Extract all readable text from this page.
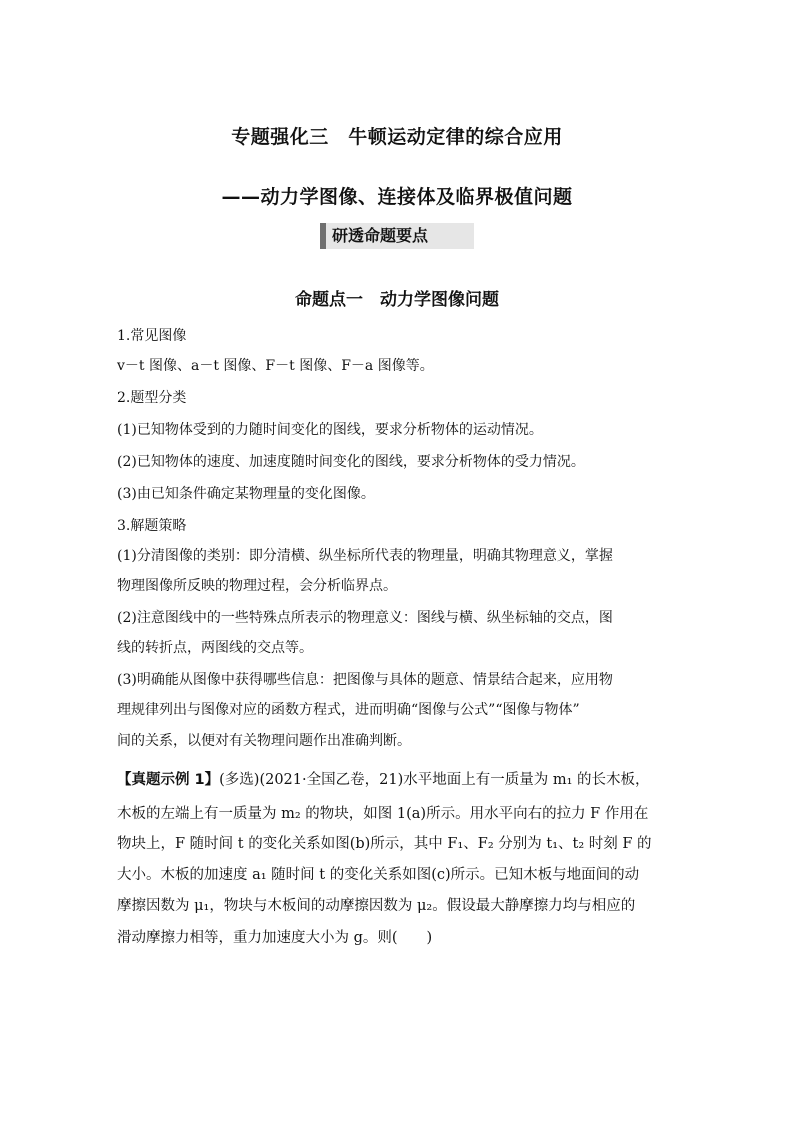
专题强化三　牛顿运动定律的综合应用
——动力学图像、连接体及临界极值问题
研透命题要点
命题点一　动力学图像问题
1.常见图像
v－t 图像、a－t 图像、F－t 图像、F－a 图像等。
2.题型分类
(1)已知物体受到的力随时间变化的图线，要求分析物体的运动情况。
(2)已知物体的速度、加速度随时间变化的图线，要求分析物体的受力情况。
(3)由已知条件确定某物理量的变化图像。
3.解题策略
(1)分清图像的类别：即分清横、纵坐标所代表的物理量，明确其物理意义，掌握
物理图像所反映的物理过程，会分析临界点。
(2)注意图线中的一些特殊点所表示的物理意义：图线与横、纵坐标轴的交点，图
线的转折点，两图线的交点等。
(3)明确能从图像中获得哪些信息：把图像与具体的题意、情景结合起来，应用物
理规律列出与图像对应的函数方程式，进而明确“图像与公式”“图像与物体”
间的关系，以便对有关物理问题作出准确判断。
【真题示例 1】(多选)(2021·全国乙卷，21)水平地面上有一质量为 m₁ 的长木板，
木板的左端上有一质量为 m₂ 的物块，如图 1(a)所示。用水平向右的拉力 F 作用在
物块上，F 随时间 t 的变化关系如图(b)所示，其中 F₁、F₂ 分别为 t₁、t₂ 时刻 F 的
大小。木板的加速度 a₁ 随时间 t 的变化关系如图(c)所示。已知木板与地面间的动
摩擦因数为 μ₁，物块与木板间的动摩擦因数为 μ₂。假设最大静摩擦力均与相应的
滑动摩擦力相等，重力加速度大小为 g。则(　　)
